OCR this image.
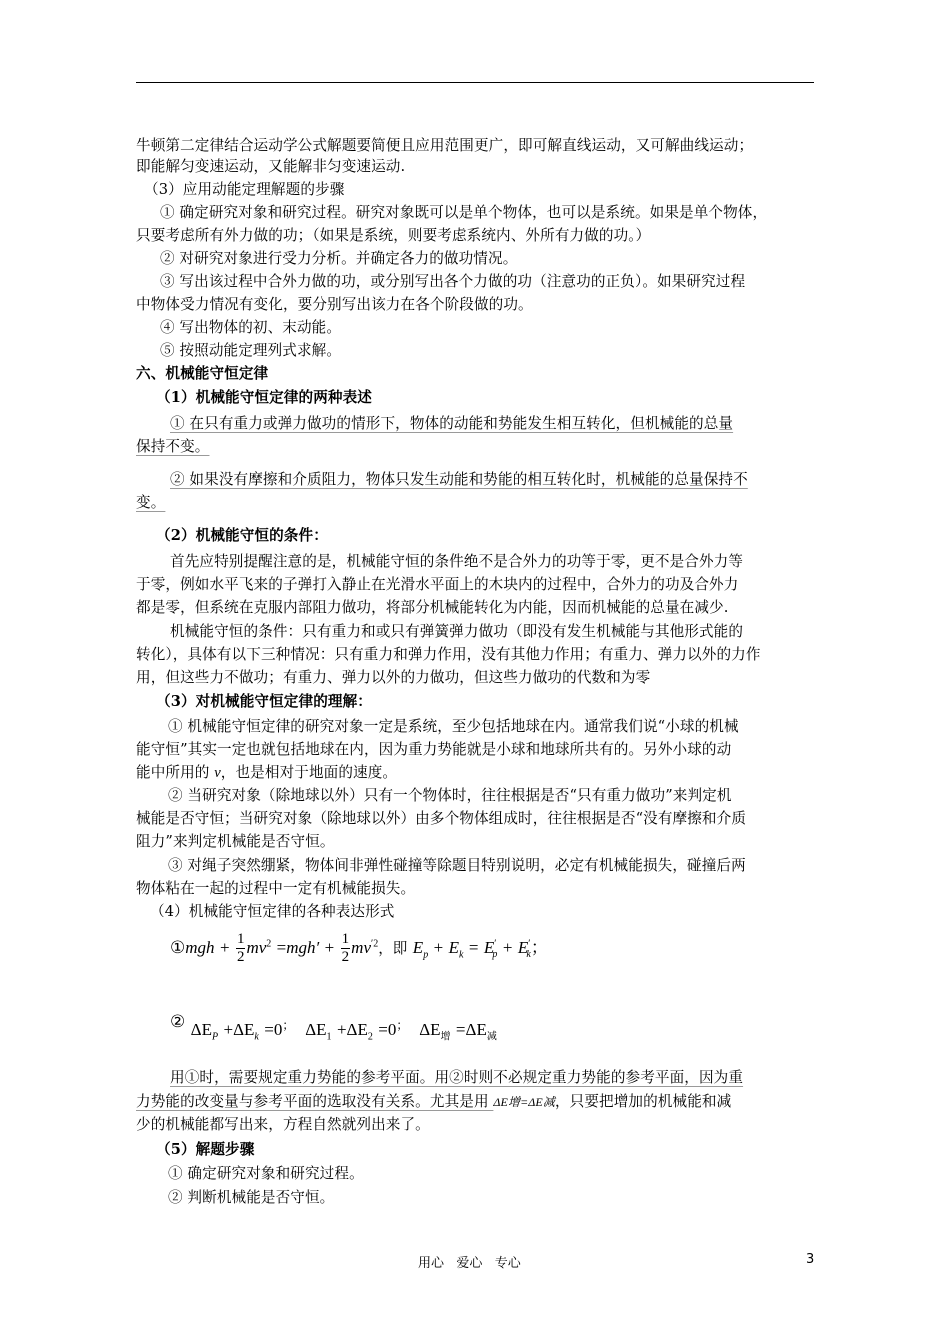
牛顿第二定律结合运动学公式解题要简便且应用范围更广，即可解直线运动，又可解曲线运动；
即能解匀变速运动，又能解非匀变速运动.
（3）应用动能定理解题的步骤
① 确定研究对象和研究过程。研究对象既可以是单个物体，也可以是系统。如果是单个物体，
只要考虑所有外力做的功；（如果是系统，则要考虑系统内、外所有力做的功。）
② 对研究对象进行受力分析。并确定各力的做功情况。
③ 写出该过程中合外力做的功，或分别写出各个力做的功（注意功的正负）。如果研究过程
中物体受力情况有变化，要分别写出该力在各个阶段做的功。
④ 写出物体的初、末动能。
⑤ 按照动能定理列式求解。
六、机械能守恒定律
（1）机械能守恒定律的两种表述
① 在只有重力或弹力做功的情形下，物体的动能和势能发生相互转化，但机械能的总量
保持不变。
② 如果没有摩擦和介质阻力，物体只发生动能和势能的相互转化时，机械能的总量保持不
变。
（2）机械能守恒的条件：
首先应特别提醒注意的是，机械能守恒的条件绝不是合外力的功等于零，更不是合外力等
于零，例如水平飞来的子弹打入静止在光滑水平面上的木块内的过程中，合外力的功及合外力
都是零，但系统在克服内部阻力做功，将部分机械能转化为内能，因而机械能的总量在减少.
机械能守恒的条件：只有重力和或只有弹簧弹力做功（即没有发生机械能与其他形式能的
转化），具体有以下三种情况：只有重力和弹力作用，没有其他力作用；有重力、弹力以外的力作
用，但这些力不做功；有重力、弹力以外的力做功，但这些力做功的代数和为零
（3）对机械能守恒定律的理解：
① 机械能守恒定律的研究对象一定是系统，至少包括地球在内。通常我们说“小球的机械
能守恒”其实一定也就包括地球在内，因为重力势能就是小球和地球所共有的。另外小球的动
能中所用的 v，也是相对于地面的速度。
② 当研究对象（除地球以外）只有一个物体时，往往根据是否“只有重力做功”来判定机
械能是否守恒；当研究对象（除地球以外）由多个物体组成时，往往根据是否“没有摩擦和介质
阻力”来判定机械能是否守恒。
③ 对绳子突然绷紧，物体间非弹性碰撞等除题目特别说明，必定有机械能损失，碰撞后两
物体粘在一起的过程中一定有机械能损失。
（4）机械能守恒定律的各种表达形式
①mgh + $\frac{1}{2} mv^2 =mgh' + \frac{1}{2} mv^{'2}$，即 $E_p + E_k = E'_p + E'_k$；
② $\Delta E_P +\Delta E_k =0^;$ $\Delta E_1 +\Delta E_2 =0^;$ $\Delta E_增 =\Delta E_减$
用①时，需要规定重力势能的参考平面。用②时则不必规定重力势能的参考平面，因为重
力势能的改变量与参考平面的选取没有关系。尤其是用 ΔE增=ΔE减，只要把增加的机械能和减
少的机械能都写出来，方程自然就列出来了。
（5）解题步骤
① 确定研究对象和研究过程。
② 判断机械能是否守恒。
用心   爱心   专心	3
